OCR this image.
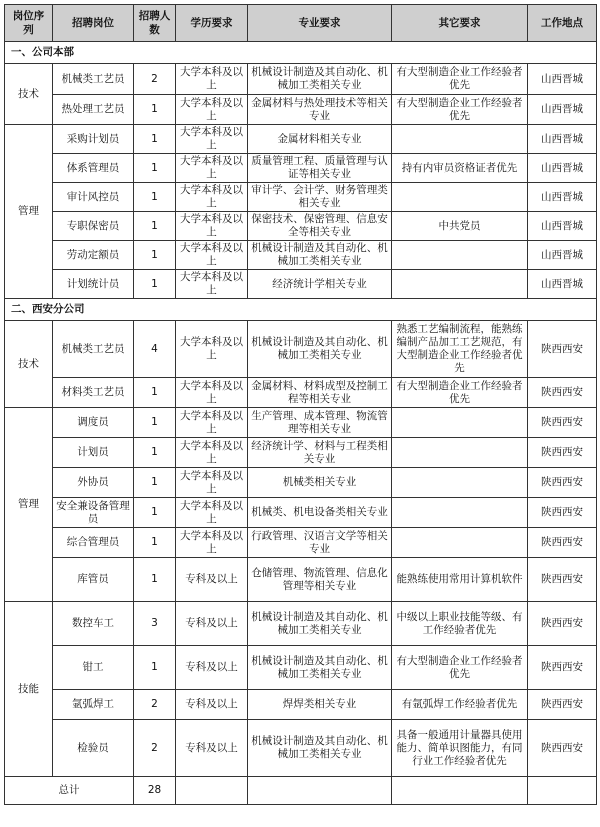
岗位序列	招聘岗位	招聘人数	学历要求	专业要求	其它要求	工作地点
一、公司本部						
技术	机械类工艺员	2	大学本科及以上	机械设计制造及其自动化、机械加工类相关专业	有大型制造企业工作经验者优先	山西晋城
	热处理工艺员	1	大学本科及以上	金属材料与热处理技术等相关专业	有大型制造企业工作经验者优先	山西晋城
管理	采购计划员	1	大学本科及以上	金属材料相关专业		山西晋城
	体系管理员	1	大学本科及以上	质量管理工程、质量管理与认证等相关专业	持有内审员资格证者优先	山西晋城
	审计风控员	1	大学本科及以上	审计学、会计学、财务管理类相关专业		山西晋城
	专职保密员	1	大学本科及以上	保密技术、保密管理、信息安全等相关专业	中共党员	山西晋城
	劳动定额员	1	大学本科及以上	机械设计制造及其自动化、机械加工类相关专业		山西晋城
	计划统计员	1	大学本科及以上	经济统计学相关专业		山西晋城
二、西安分公司						
技术	机械类工艺员	4	大学本科及以上	机械设计制造及其自动化、机械加工类相关专业	熟悉工艺编制流程，能熟练编制产品加工工艺规范，有大型制造企业工作经验者优先	陕西西安
	材料类工艺员	1	大学本科及以上	金属材料、材料成型及控制工程等相关专业	有大型制造企业工作经验者优先	陕西西安
管理	调度员	1	大学本科及以上	生产管理、成本管理、物流管理等相关专业		陕西西安
	计划员	1	大学本科及以上	经济统计学、材料与工程类相关专业		陕西西安
	外协员	1	大学本科及以上	机械类相关专业		陕西西安
	安全兼设备管理员	1	大学本科及以上	机械类、机电设备类相关专业		陕西西安
	综合管理员	1	大学本科及以上	行政管理、汉语言文学等相关专业		陕西西安
	库管员	1	专科及以上	仓储管理、物流管理、信息化管理等相关专业	能熟练使用常用计算机软件	陕西西安
技能	数控车工	3	专科及以上	机械设计制造及其自动化、机械加工类相关专业	中级以上职业技能等级、有工作经验者优先	陕西西安
	钳工	1	专科及以上	机械设计制造及其自动化、机械加工类相关专业	有大型制造企业工作经验者优先	陕西西安
	氩弧焊工	2	专科及以上	焊焊类相关专业	有氩弧焊工作经验者优先	陕西西安
	检验员	2	专科及以上	机械设计制造及其自动化、机械加工类相关专业	具备一般通用计量器具使用能力、简单识图能力，有同行业工作经验者优先	陕西西安
总计		28				
